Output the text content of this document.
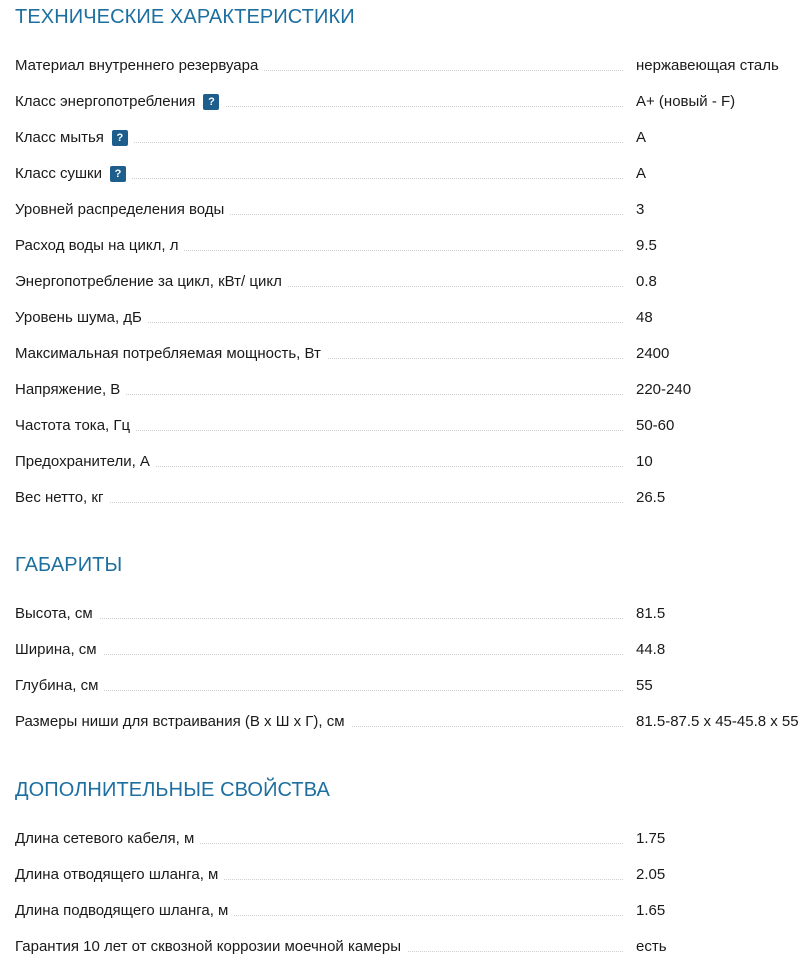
ТЕХНИЧЕСКИЕ ХАРАКТЕРИСТИКИ
Материал внутреннего резервуара	нержавеющая сталь
Класс энергопотребления	?	A+ (новый - F)
Класс мытья	?	A
Класс сушки	?	A
Уровней распределения воды	3
Расход воды на цикл, л	9.5
Энергопотребление за цикл, кВт/ цикл	0.8
Уровень шума, дБ	48
Максимальная потребляемая мощность, Вт	2400
Напряжение, В	220-240
Частота тока, Гц	50-60
Предохранители, А	10
Вес нетто, кг	26.5
ГАБАРИТЫ
Высота, см	81.5
Ширина, см	44.8
Глубина, см	55
Размеры ниши для встраивания (В x Ш x Г), см	81.5-87.5 x 45-45.8 x 55
ДОПОЛНИТЕЛЬНЫЕ СВОЙСТВА
Длина сетевого кабеля, м	1.75
Длина отводящего шланга, м	2.05
Длина подводящего шланга, м	1.65
Гарантия 10 лет от сквозной коррозии моечной камеры	есть
